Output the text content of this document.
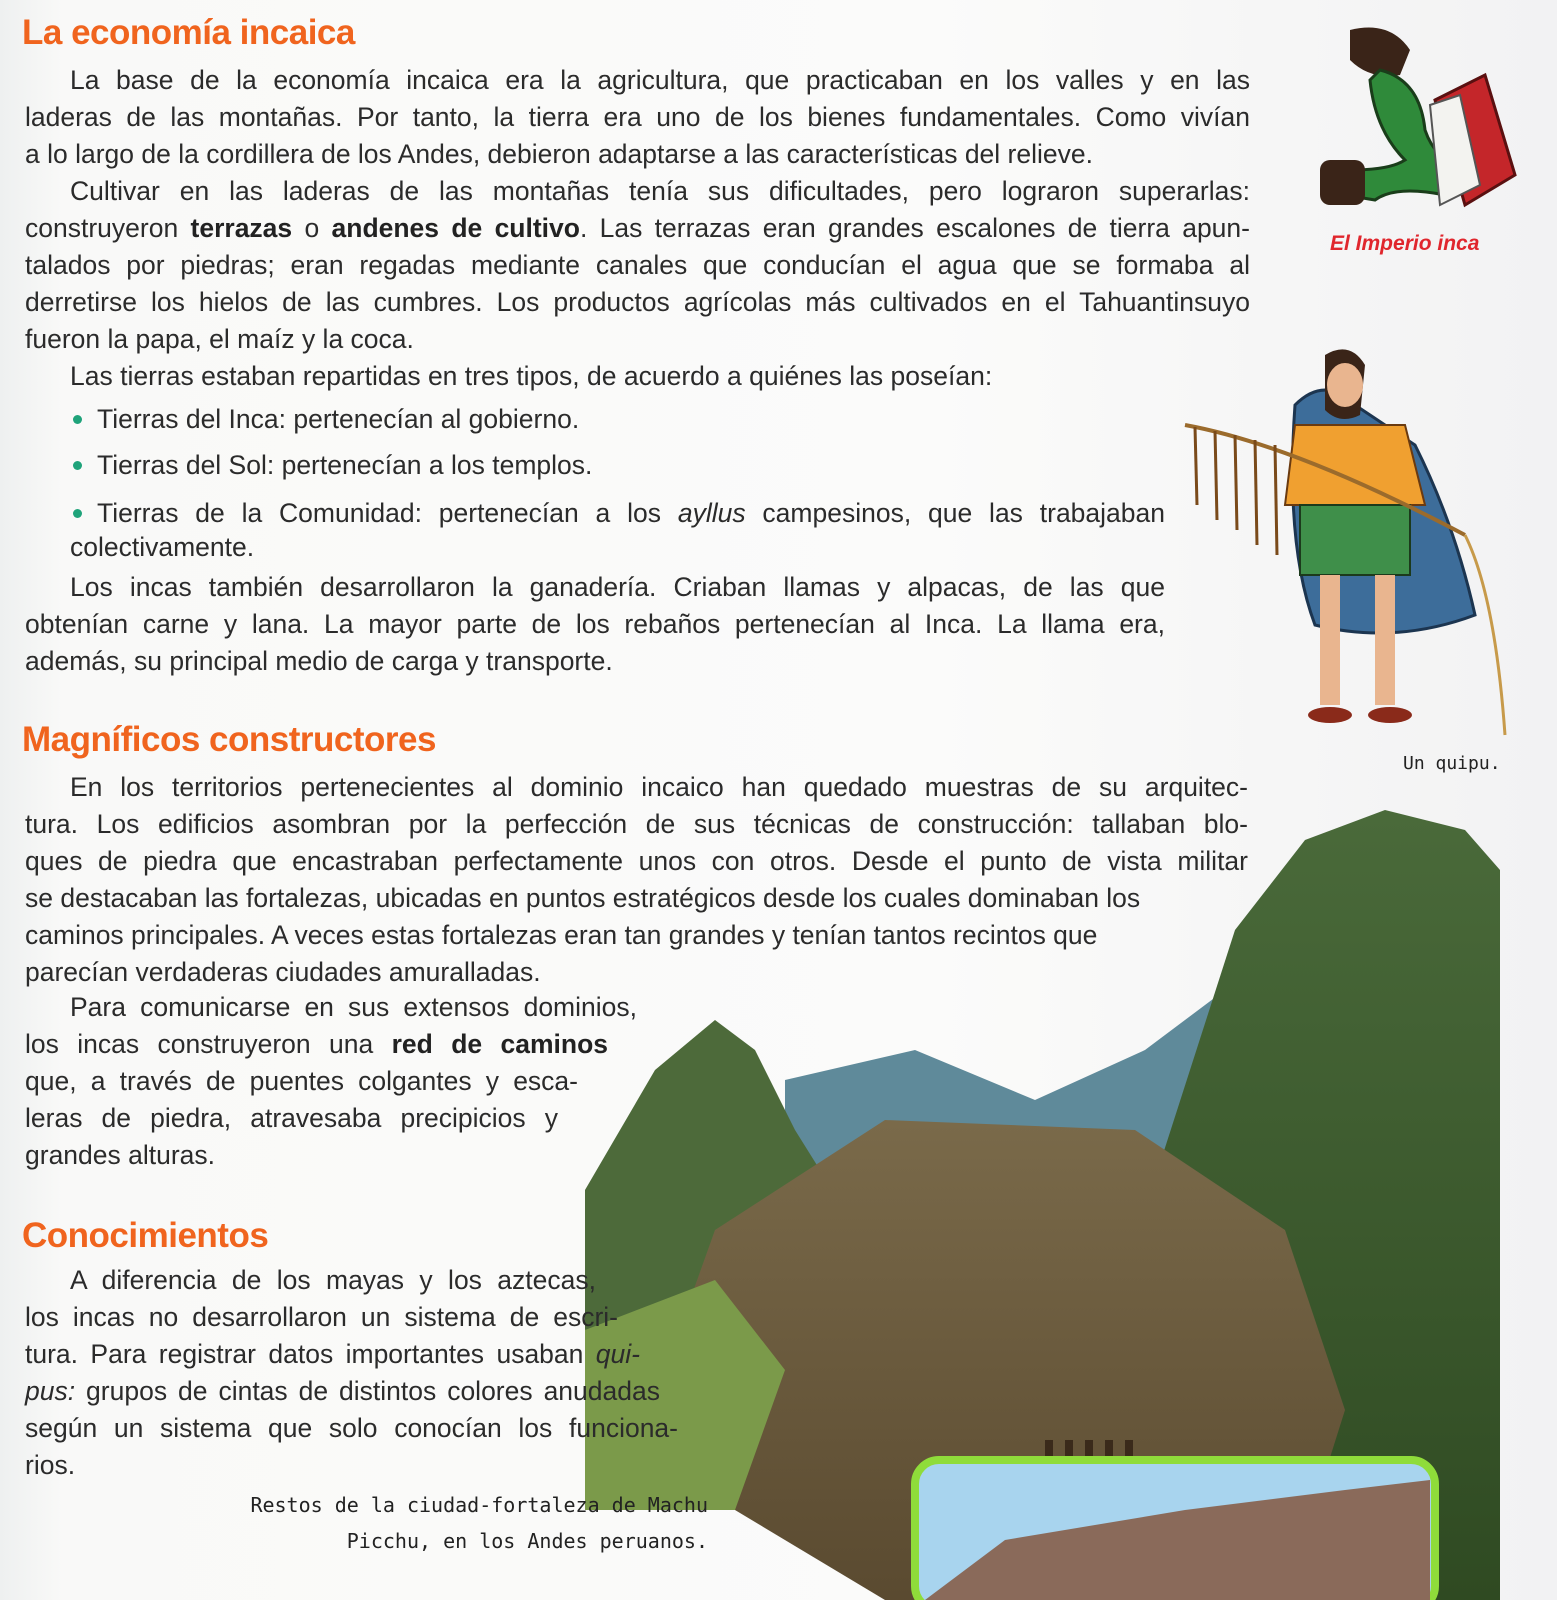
El Imperio inca
Un quipu.
La economía incaica
La base de la economía incaica era la agricultura, que practicaban en los valles y en las
laderas de las montañas. Por tanto, la tierra era uno de los bienes fundamentales. Como vivían
a lo largo de la cordillera de los Andes, debieron adaptarse a las características del relieve.
Cultivar en las laderas de las montañas tenía sus dificultades, pero lograron superarlas:
construyeron terrazas o andenes de cultivo. Las terrazas eran grandes escalones de tierra apun-
talados por piedras; eran regadas mediante canales que conducían el agua que se formaba al
derretirse los hielos de las cumbres. Los productos agrícolas más cultivados en el Tahuantinsuyo
fueron la papa, el maíz y la coca.
Las tierras estaban repartidas en tres tipos, de acuerdo a quiénes las poseían:
Tierras del Inca: pertenecían al gobierno.
Tierras del Sol: pertenecían a los templos.
Tierras de la Comunidad: pertenecían a los ayllus campesinos, que las trabajaban
colectivamente.
Los incas también desarrollaron la ganadería. Criaban llamas y alpacas, de las que
obtenían carne y lana. La mayor parte de los rebaños pertenecían al Inca. La llama era,
además, su principal medio de carga y transporte.
Magníficos constructores
En los territorios pertenecientes al dominio incaico han quedado muestras de su arquitec-
tura. Los edificios asombran por la perfección de sus técnicas de construcción: tallaban blo-
ques de piedra que encastraban perfectamente unos con otros. Desde el punto de vista militar
se destacaban las fortalezas, ubicadas en puntos estratégicos desde los cuales dominaban los
caminos principales. A veces estas fortalezas eran tan grandes y tenían tantos recintos que
parecían verdaderas ciudades amuralladas.
Para comunicarse en sus extensos dominios,
los incas construyeron una red de caminos
que, a través de puentes colgantes y esca-
leras de piedra, atravesaba precipicios y
grandes alturas.
Conocimientos
A diferencia de los mayas y los aztecas,
los incas no desarrollaron un sistema de escri-
tura. Para registrar datos importantes usaban qui-
pus: grupos de cintas de distintos colores anudadas
según un sistema que solo conocían los funciona-
rios.
Restos de la ciudad-fortaleza de Machu
Picchu, en los Andes peruanos.
